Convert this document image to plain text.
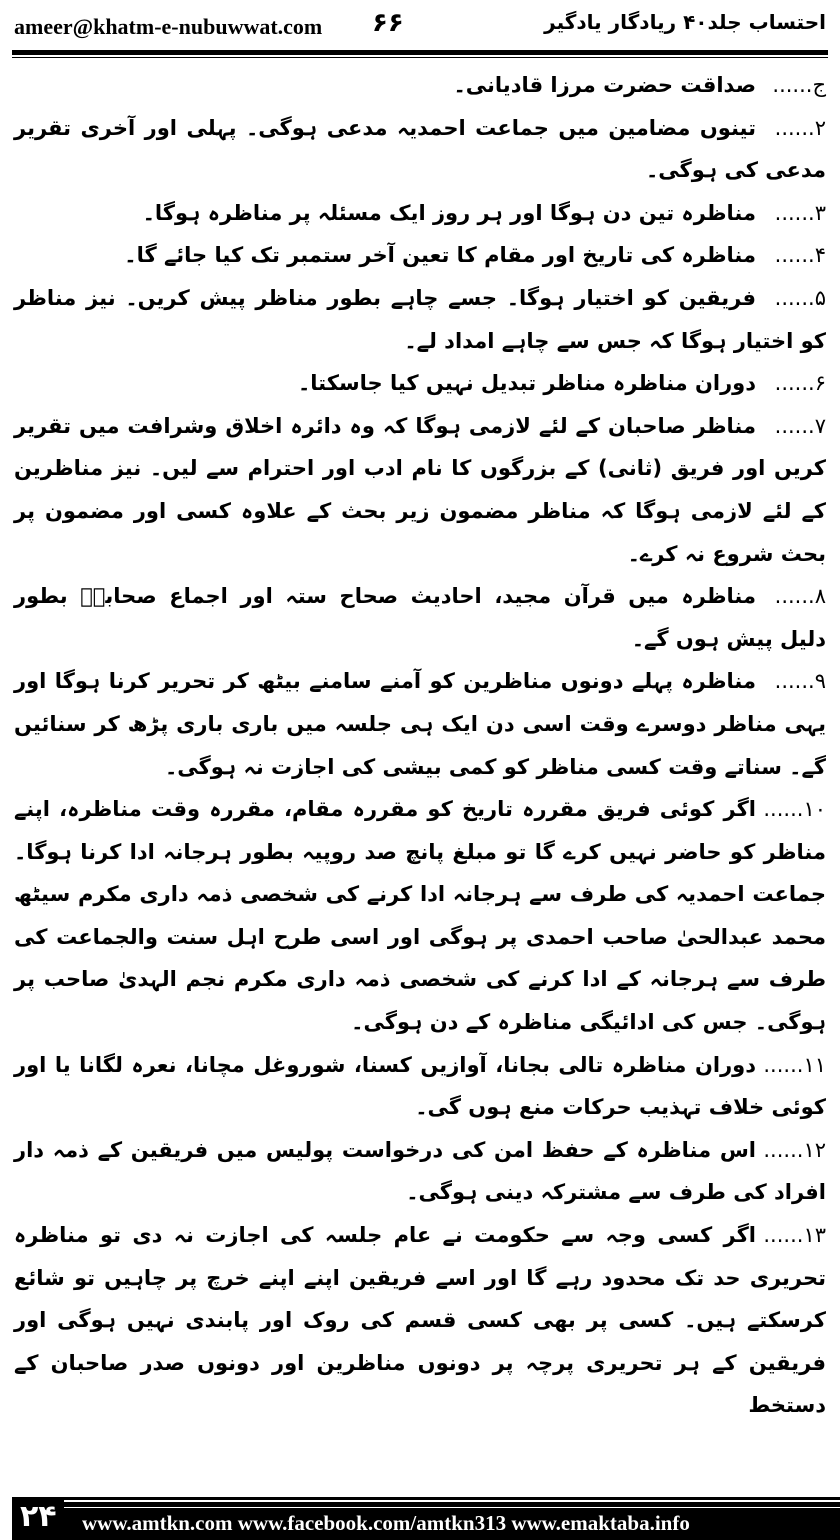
ameer@khatm-e-nubuwwat.com ۶۶	احتساب جلد۴۰ ریادگار یادگیر

ج......صداقت حضرت مرزا قادیانی۔

۲......تینوں مضامین میں جماعت احمدیہ مدعی ہوگی۔ پہلی اور آخری تقریر مدعی کی ہوگی۔

۳......مناظرہ تین دن ہوگا اور ہر روز ایک مسئلہ پر مناظرہ ہوگا۔

۴......مناظرہ کی تاریخ اور مقام کا تعین آخر ستمبر تک کیا جائے گا۔

۵......فریقین کو اختیار ہوگا۔ جسے چاہے بطور مناظر پیش کریں۔ نیز مناظر کو اختیار ہوگا کہ جس سے چاہے امداد لے۔

۶......دوران مناظرہ مناظر تبدیل نہیں کیا جاسکتا۔

۷......مناظر صاحبان کے لئے لازمی ہوگا کہ وہ دائرہ اخلاق وشرافت میں تقریر کریں اور فریق (ثانی) کے بزرگوں کا نام ادب اور احترام سے لیں۔ نیز مناظرین کے لئے لازمی ہوگا کہ مناظر مضمون زیر بحث کے علاوہ کسی اور مضمون پر بحث شروع نہ کرے۔

۸......مناظرہ میں قرآن مجید، احادیث صحاح ستہ اور اجماع صحابہؓ بطور دلیل پیش ہوں گے۔

۹......مناظرہ پہلے دونوں مناظرین کو آمنے سامنے بیٹھ کر تحریر کرنا ہوگا اور یہی مناظر دوسرے وقت اسی دن ایک ہی جلسہ میں باری باری پڑھ کر سنائیں گے۔ سناتے وقت کسی مناظر کو کمی بیشی کی اجازت نہ ہوگی۔

۱۰......اگر کوئی فریق مقررہ تاریخ کو مقررہ مقام، مقررہ وقت مناظرہ، اپنے مناظر کو حاضر نہیں کرے گا تو مبلغ پانچ صد روپیہ بطور ہرجانہ ادا کرنا ہوگا۔ جماعت احمدیہ کی طرف سے ہرجانہ ادا کرنے کی شخصی ذمہ داری مکرم سیٹھ محمد عبدالحیٰ صاحب احمدی پر ہوگی اور اسی طرح اہل سنت والجماعت کی طرف سے ہرجانہ کے ادا کرنے کی شخصی ذمہ داری مکرم نجم الہدیٰ صاحب پر ہوگی۔ جس کی ادائیگی مناظرہ کے دن ہوگی۔

۱۱......دوران مناظرہ تالی بجانا، آوازیں کسنا، شوروغل مچانا، نعرہ لگانا یا اور کوئی خلاف تہذیب حرکات منع ہوں گی۔

۱۲......اس مناظرہ کے حفظ امن کی درخواست پولیس میں فریقین کے ذمہ دار افراد کی طرف سے مشترکہ دینی ہوگی۔

۱۳......اگر کسی وجہ سے حکومت نے عام جلسہ کی اجازت نہ دی تو مناظرہ تحریری حد تک محدود رہے گا اور اسے فریقین اپنے اپنے خرچ پر چاہیں تو شائع کرسکتے ہیں۔ کسی پر بھی کسی قسم کی روک اور پابندی نہیں ہوگی اور فریقین کے ہر تحریری پرچہ پر دونوں مناظرین اور دونوں صدر صاحبان کے دستخط

۲۴ www.amtkn.com www.facebook.com/amtkn313 www.emaktaba.info
